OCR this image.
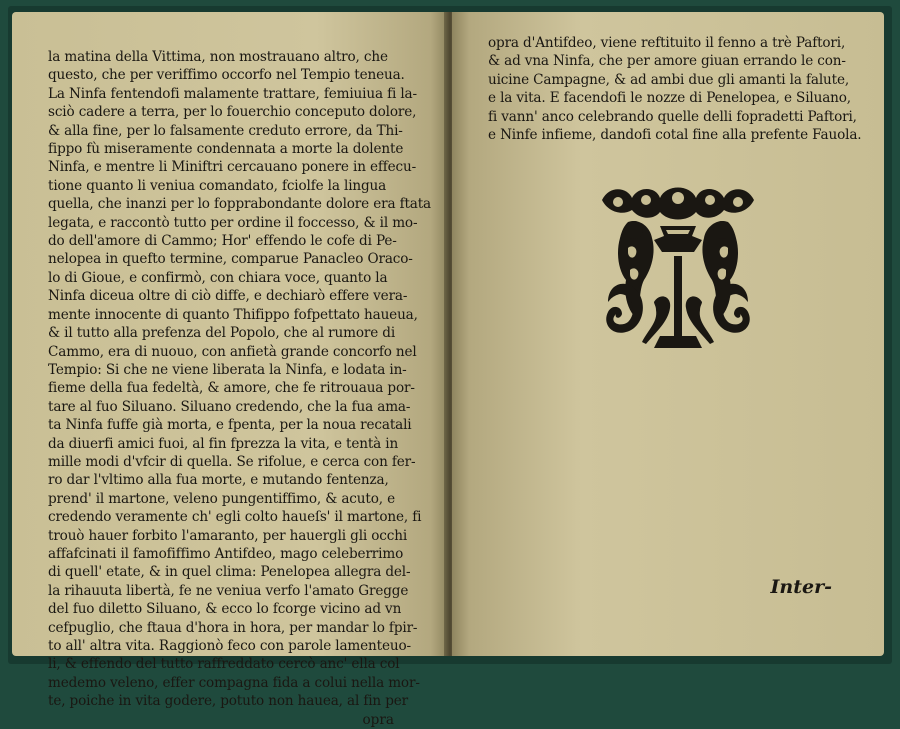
la matina della Vittima, non mostrauano altro, che
questo, che per veriffimo occorfo nel Tempio teneua.
La Ninfa fentendofi malamente trattare, femiuiua fi la-
sciò cadere a terra, per lo fouerchio conceputo dolore,
& alla fine, per lo falsamente creduto errore, da Thi-
fippo fù miseramente condennata a morte la dolente
Ninfa, e mentre li Miniftri cercauano ponere in effecu-
tione quanto li veniua comandato, fciolfe la lingua
quella, che inanzi per lo fopprabondante dolore era ftata
legata, e raccontò tutto per ordine il foccesso, & il mo-
do dell'amore di Cammo; Hor' effendo le cofe di Pe-
nelopea in quefto termine, comparue Panacleo Oraco-
lo di Gioue, e confirmò, con chiara voce, quanto la
Ninfa diceua oltre di ciò diffe, e dechiarò effere vera-
mente innocente di quanto Thifippo fofpettato haueua,
& il tutto alla prefenza del Popolo, che al rumore di
Cammo, era di nuouo, con anfietà grande concorfo nel
Tempio: Si che ne viene liberata la Ninfa, e lodata in-
fieme della fua fedeltà, & amore, che fe ritrouaua por-
tare al fuo Siluano. Siluano credendo, che la fua ama-
ta Ninfa fuffe già morta, e fpenta, per la noua recatali
da diuerfi amici fuoi, al fin fprezza la vita, e tentà in
mille modi d'vfcir di quella. Se rifolue, e cerca con fer-
ro dar l'vltimo alla fua morte, e mutando fentenza,
prend' il martone, veleno pungentiffimo, & acuto, e
credendo veramente ch' egli colto haueſs' il martone, fi
trouò hauer forbito l'amaranto, per hauergli gli occhi
affafcinati il famofiffimo Antifdeo, mago celeberrimo
di quell' etate, & in quel clima: Penelopea allegra del-
la rihauuta libertà, fe ne veniua verfo l'amato Gregge
del fuo diletto Siluano, & ecco lo fcorge vicino ad vn
cefpuglio, che ftaua d'hora in hora, per mandar lo fpir-
to all' altra vita. Raggionò feco con parole lamenteuo-
li, & effendo del tutto raffreddato cercò anc' ella col
medemo veleno, effer compagna fida a colui nella mor-
te, poiche in vita godere, potuto non hauea, al fin per
opra
opra d'Antifdeo, viene reftituito il fenno a trè Paftori,
& ad vna Ninfa, che per amore giuan errando le con-
uicine Campagne, & ad ambi due gli amanti la falute,
e la vita. E facendofi le nozze di Penelopea, e Siluano,
fi vann' anco celebrando quelle delli fopradetti Paftori,
e Ninfe infieme, dandofi cotal fine alla prefente Fauola.
Inter-
